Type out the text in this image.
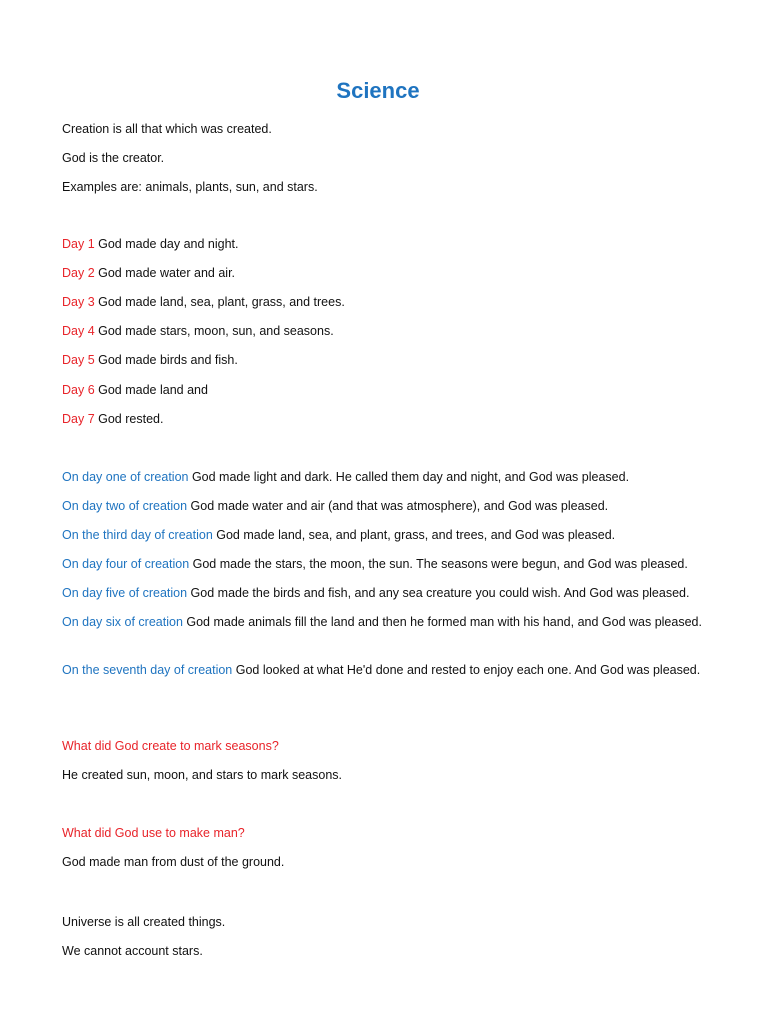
Science
Creation is all that which was created.
God is the creator.
Examples are: animals, plants, sun, and stars.
Day 1 God made day and night.
Day 2 God made water and air.
Day 3 God made land, sea, plant, grass, and trees.
Day 4 God made stars, moon, sun, and seasons.
Day 5 God made birds and fish.
Day 6 God made land and
Day 7 God rested.
On day one of creation God made light and dark. He called them day and night, and God was pleased.
On day two of creation God made water and air (and that was atmosphere), and God was pleased.
On the third day of creation God made land, sea, and plant, grass, and trees, and God was pleased.
On day four of creation God made the stars, the moon, the sun. The seasons were begun, and God was pleased.
On day five of creation God made the birds and fish, and any sea creature you could wish. And God was pleased.
On day six of creation God made animals fill the land and then he formed man with his hand, and God was pleased.
On the seventh day of creation God looked at what He'd done and rested to enjoy each one. And God was pleased.
What did God create to mark seasons?
He created sun, moon, and stars to mark seasons.
What did God use to make man?
God made man from dust of the ground.
Universe is all created things.
We cannot account stars.
